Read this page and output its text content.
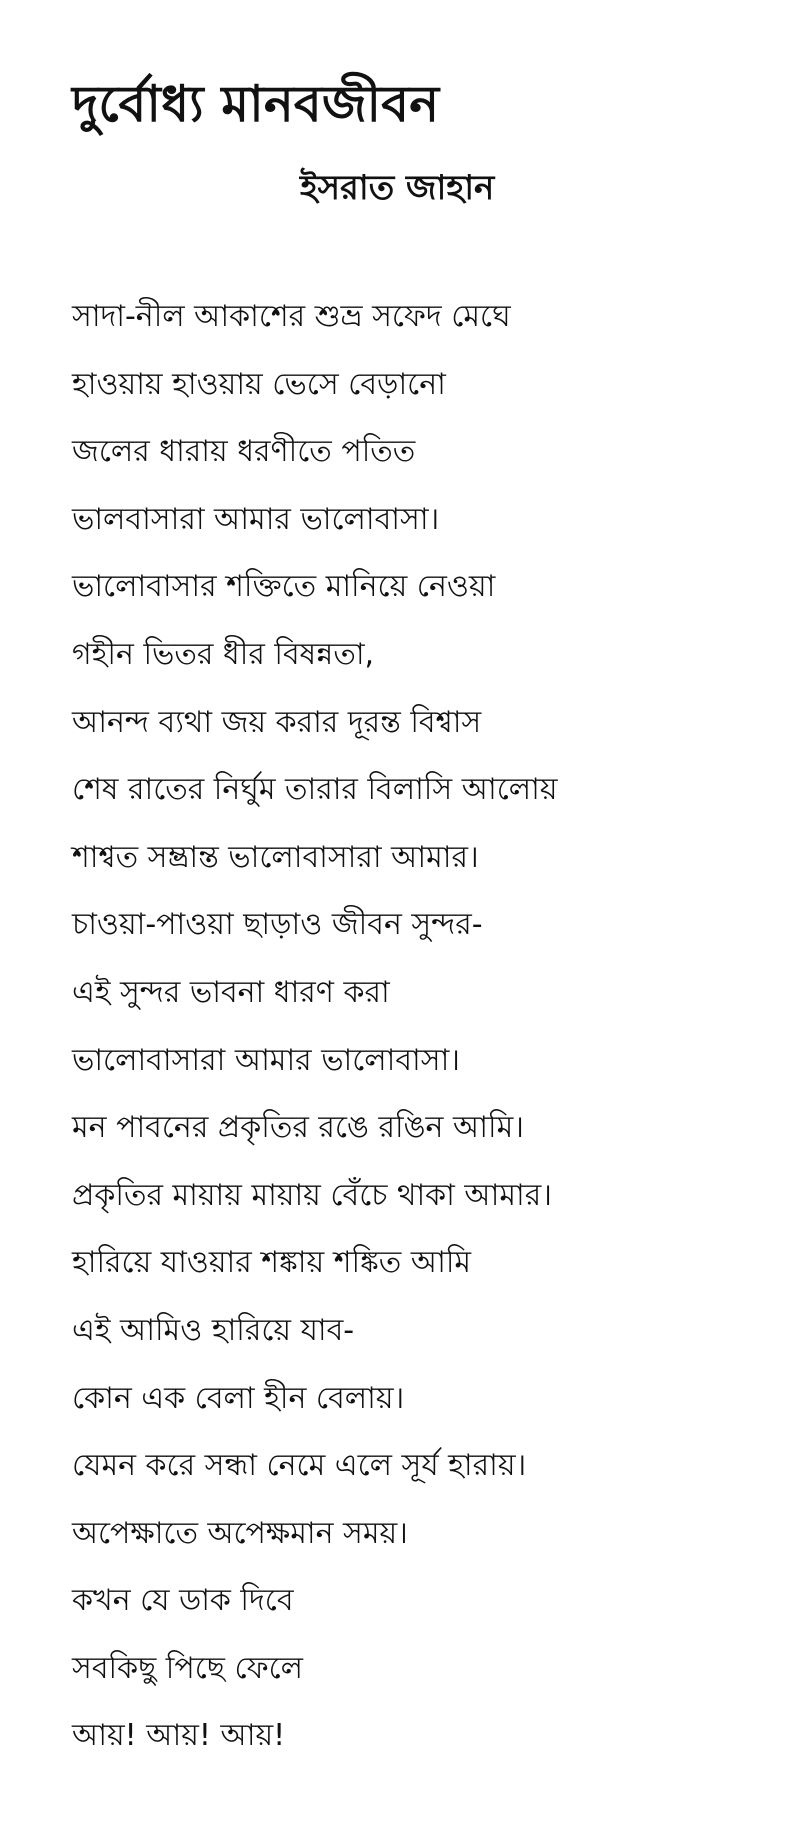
দুর্বোধ্য মানবজীবন
ইসরাত জাহান
সাদা-নীল আকাশের শুভ্র সফেদ মেঘে
হাওয়ায় হাওয়ায় ভেসে বেড়ানো
জলের ধারায় ধরণীতে পতিত
ভালবাসারা আমার ভালোবাসা।
ভালোবাসার শক্তিতে মানিয়ে নেওয়া
গহীন ভিতর ধীর বিষন্নতা,
আনন্দ ব্যথা জয় করার দূরন্ত বিশ্বাস
শেষ রাতের নির্ঘুম তারার বিলাসি আলোয়
শাশ্বত সম্ভ্রান্ত ভালোবাসারা আমার।
চাওয়া-পাওয়া ছাড়াও জীবন সুন্দর-
এই সুন্দর ভাবনা ধারণ করা
ভালোবাসারা আমার ভালোবাসা।
মন পাবনের প্রকৃতির রঙে রঙিন আমি।
প্রকৃতির মায়ায় মায়ায় বেঁচে থাকা আমার।
হারিয়ে যাওয়ার শঙ্কায় শঙ্কিত আমি
এই আমিও হারিয়ে যাব-
কোন এক বেলা হীন বেলায়।
যেমন করে সন্ধা নেমে এলে সূর্য হারায়।
অপেক্ষাতে অপেক্ষমান সময়।
কখন যে ডাক দিবে
সবকিছু পিছে ফেলে
আয়! আয়! আয়!
